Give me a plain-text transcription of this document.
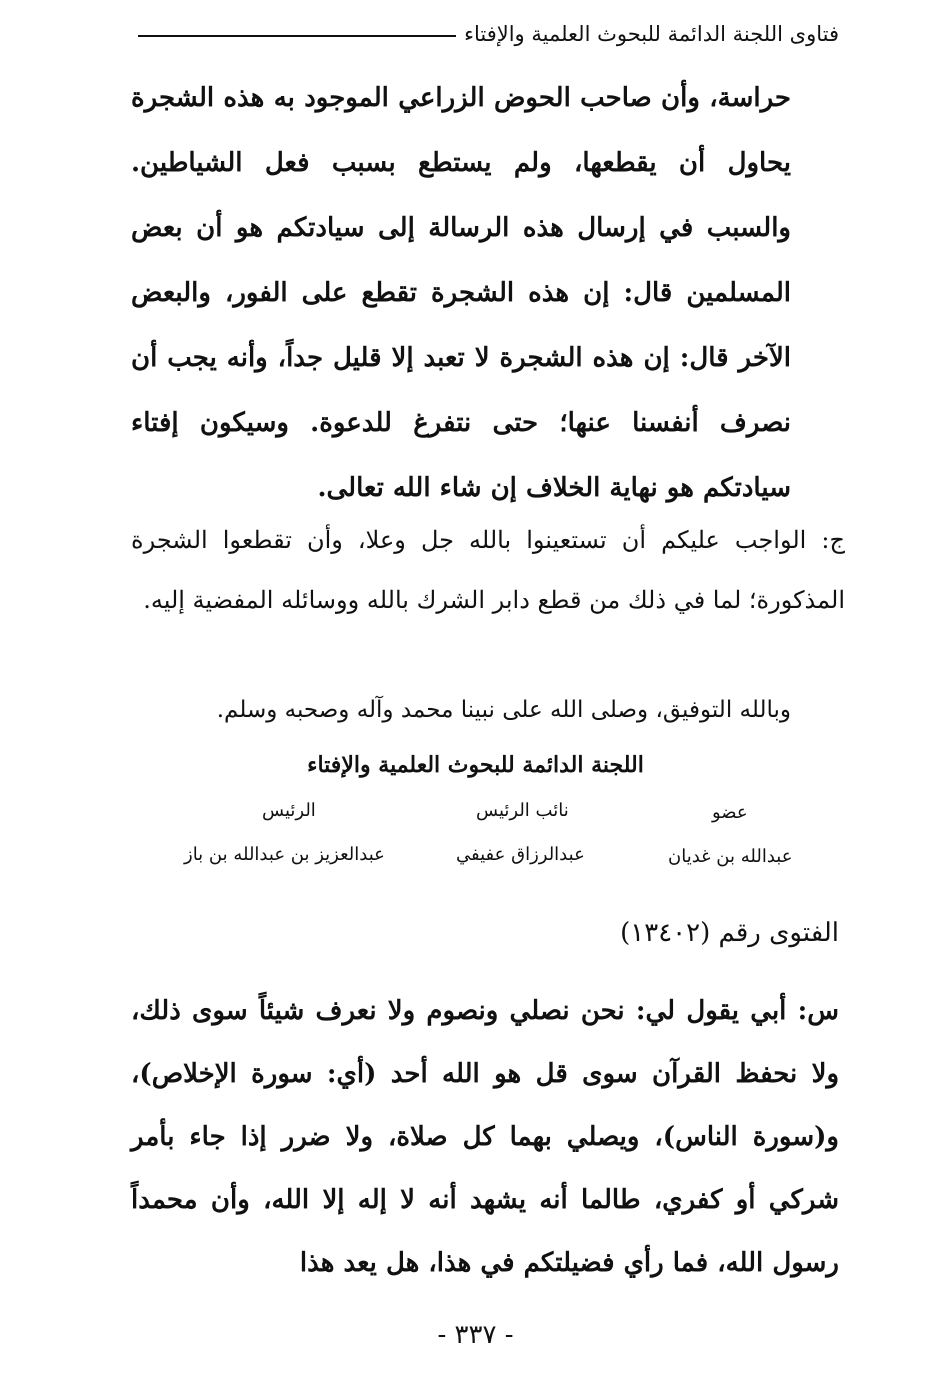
فتاوى اللجنة الدائمة للبحوث العلمية والإفتاء

حراسة، وأن صاحب الحوض الزراعي الموجود به هذه الشجرة يحاول أن يقطعها، ولم يستطع بسبب فعل الشياطين. والسبب في إرسال هذه الرسالة إلى سيادتكم هو أن بعض المسلمين قال: إن هذه الشجرة تقطع على الفور، والبعض الآخر قال: إن هذه الشجرة لا تعبد إلا قليل جداً، وأنه يجب أن نصرف أنفسنا عنها؛ حتى نتفرغ للدعوة. وسيكون إفتاء سيادتكم هو نهاية الخلاف إن شاء الله تعالى.

ج: الواجب عليكم أن تستعينوا بالله جل وعلا، وأن تقطعوا الشجرة المذكورة؛ لما في ذلك من قطع دابر الشرك بالله ووسائله المفضية إليه.

وبالله التوفيق، وصلى الله على نبينا محمد وآله وصحبه وسلم.
اللجنة الدائمة للبحوث العلمية والإفتاء
الرئيس	نائب الرئيس	عضو
عبدالعزيز بن عبدالله بن باز	عبدالرزاق عفيفي	عبدالله بن غديان
الفتوى رقم (١٣٤٠٢)

س: أبي يقول لي: نحن نصلي ونصوم ولا نعرف شيئاً سوى ذلك، ولا نحفظ القرآن سوى قل هو الله أحد (أي: سورة الإخلاص)، و(سورة الناس)، ويصلي بهما كل صلاة، ولا ضرر إذا جاء بأمر شركي أو كفري، طالما أنه يشهد أنه لا إله إلا الله، وأن محمداً رسول الله، فما رأي فضيلتكم في هذا، هل يعد هذا

- ٣٣٧ -
